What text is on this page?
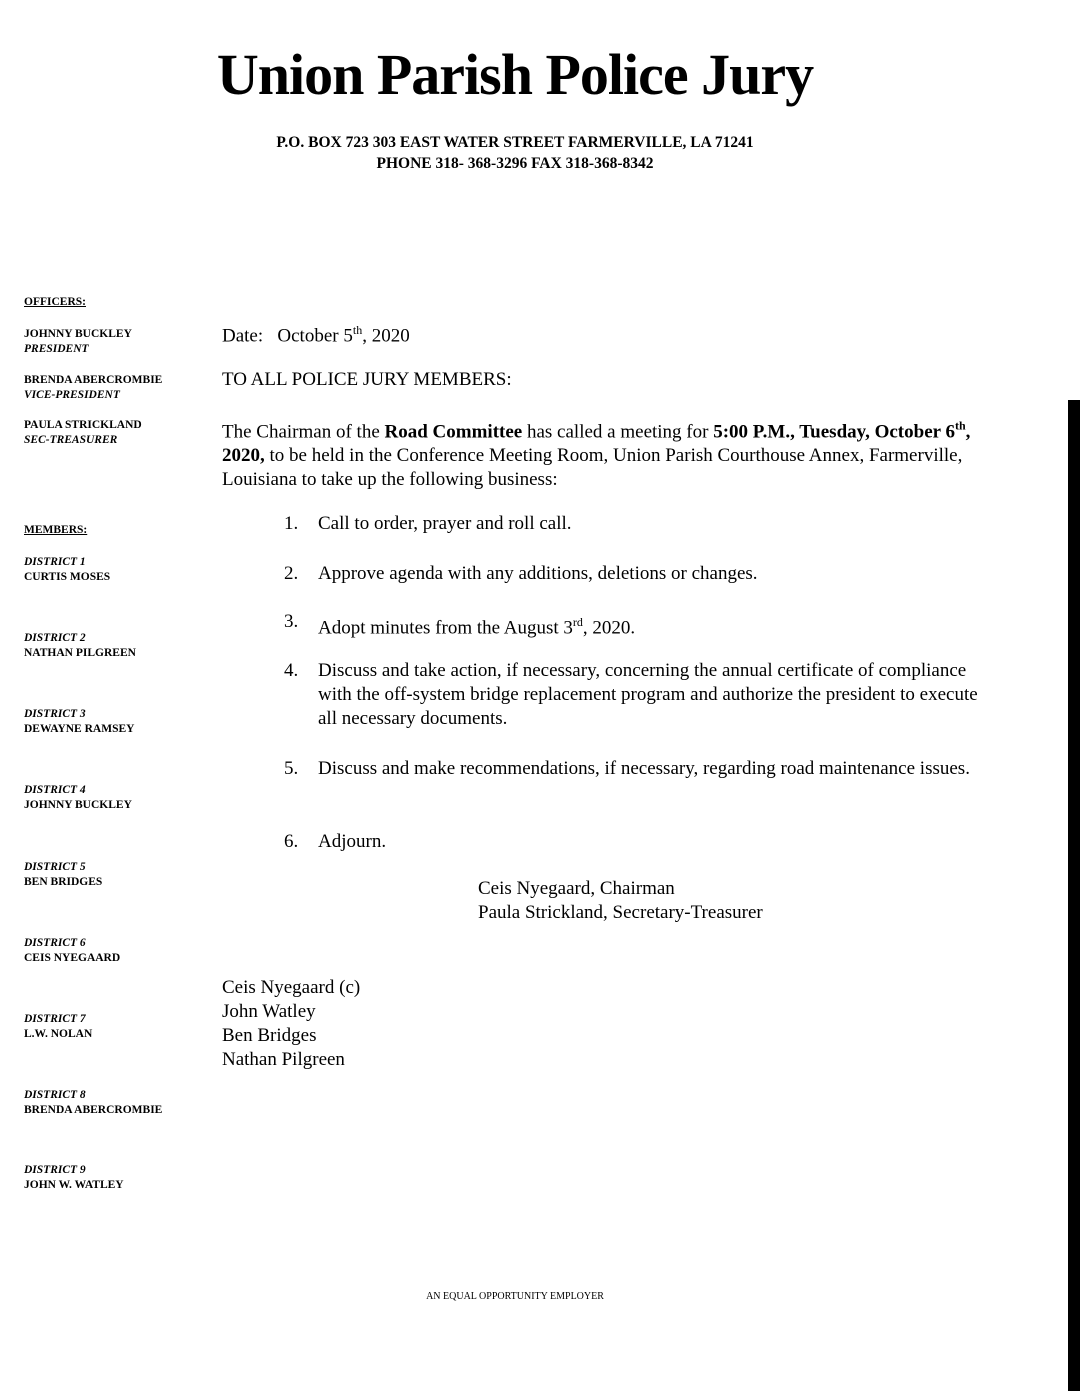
Union Parish Police Jury
P.O. BOX 723 303 EAST WATER STREET FARMERVILLE, LA 71241
PHONE 318- 368-3296 FAX 318-368-8342
OFFICERS:
JOHNNY BUCKLEY
PRESIDENT
BRENDA ABERCROMBIE
VICE-PRESIDENT
PAULA STRICKLAND
SEC-TREASURER
MEMBERS:
DISTRICT 1
CURTIS MOSES
DISTRICT 2
NATHAN PILGREEN
DISTRICT 3
DEWAYNE RAMSEY
DISTRICT 4
JOHNNY BUCKLEY
DISTRICT 5
BEN BRIDGES
DISTRICT 6
CEIS NYEGAARD
DISTRICT 7
L.W. NOLAN
DISTRICT 8
BRENDA ABERCROMBIE
DISTRICT 9
JOHN W. WATLEY
Date: October 5th, 2020
TO ALL POLICE JURY MEMBERS:
The Chairman of the Road Committee has called a meeting for 5:00 P.M., Tuesday, October 6th, 2020, to be held in the Conference Meeting Room, Union Parish Courthouse Annex, Farmerville, Louisiana to take up the following business:
1. Call to order, prayer and roll call.
2. Approve agenda with any additions, deletions or changes.
3. Adopt minutes from the August 3rd, 2020.
4. Discuss and take action, if necessary, concerning the annual certificate of compliance with the off-system bridge replacement program and authorize the president to execute all necessary documents.
5. Discuss and make recommendations, if necessary, regarding road maintenance issues.
6. Adjourn.
Ceis Nyegaard, Chairman
Paula Strickland, Secretary-Treasurer
Ceis Nyegaard (c)
John Watley
Ben Bridges
Nathan Pilgreen
AN EQUAL OPPORTUNITY EMPLOYER
